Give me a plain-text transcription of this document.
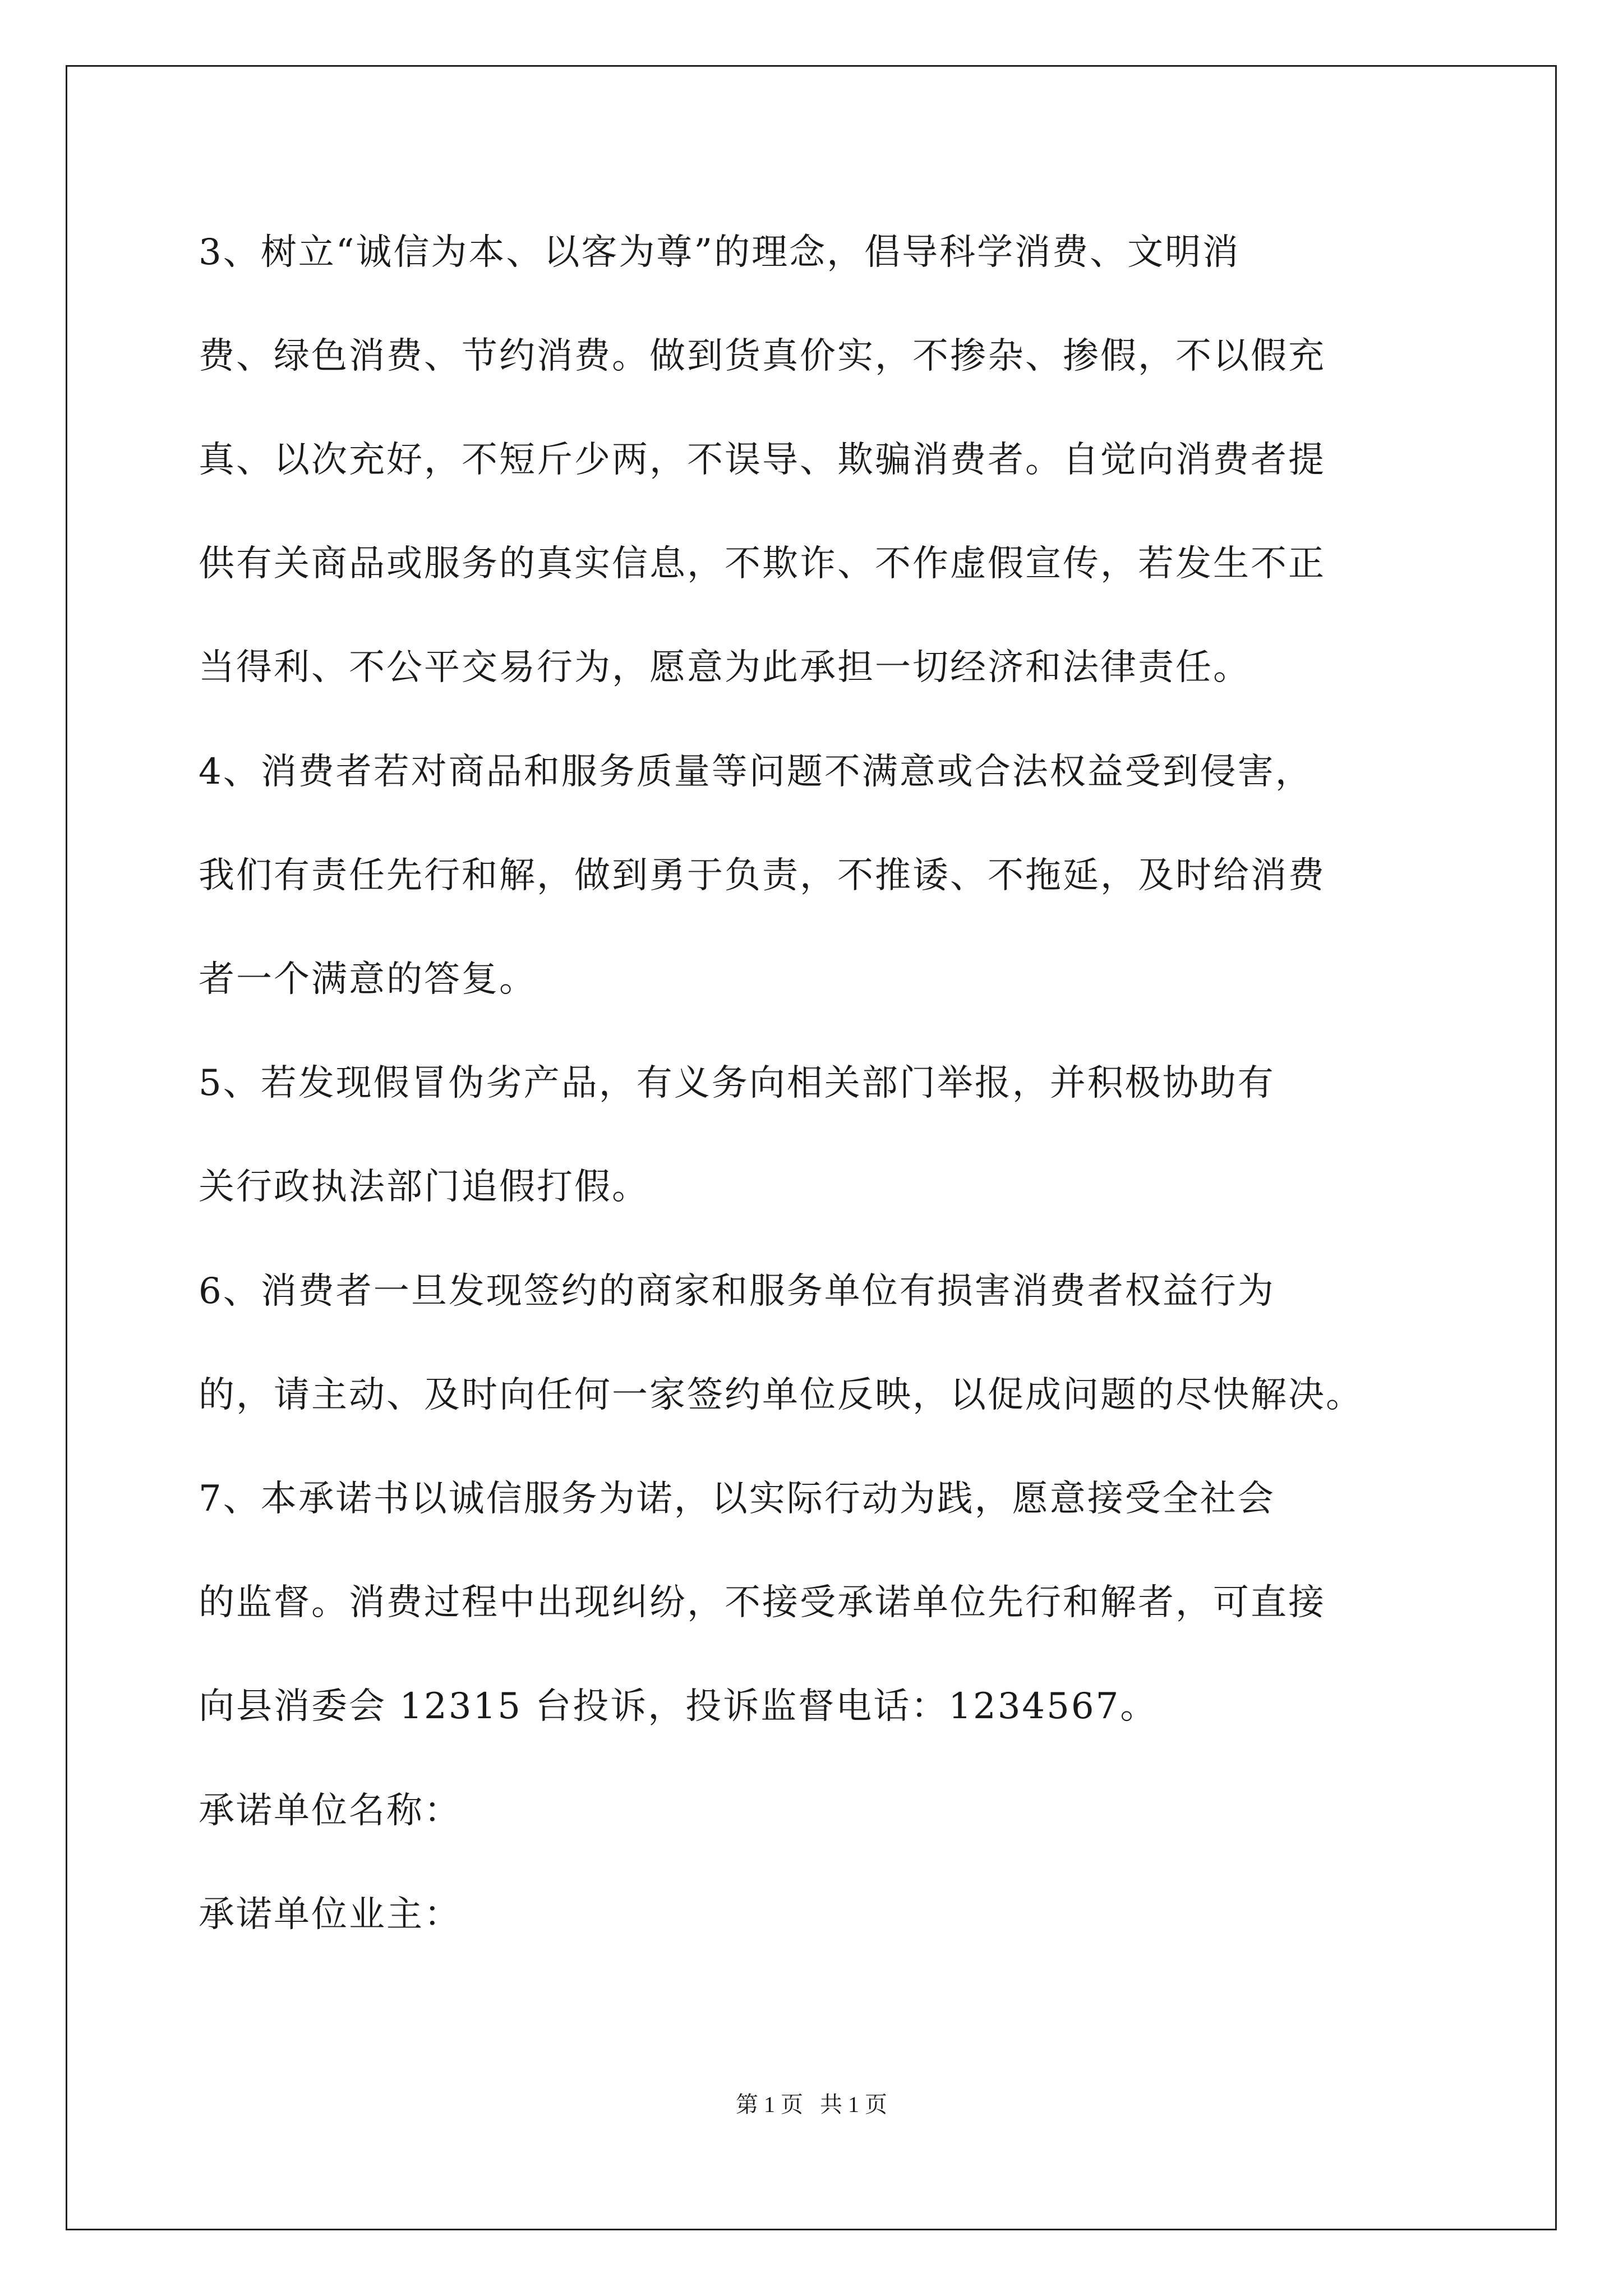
3、树立“诚信为本、以客为尊”的理念，倡导科学消费、文明消
费、绿色消费、节约消费。做到货真价实，不掺杂、掺假，不以假充
真、以次充好，不短斤少两，不误导、欺骗消费者。自觉向消费者提
供有关商品或服务的真实信息，不欺诈、不作虚假宣传，若发生不正
当得利、不公平交易行为，愿意为此承担一切经济和法律责任。
4、消费者若对商品和服务质量等问题不满意或合法权益受到侵害，
我们有责任先行和解，做到勇于负责，不推诿、不拖延，及时给消费
者一个满意的答复。
5、若发现假冒伪劣产品，有义务向相关部门举报，并积极协助有
关行政执法部门追假打假。
6、消费者一旦发现签约的商家和服务单位有损害消费者权益行为
的，请主动、及时向任何一家签约单位反映，以促成问题的尽快解决。
7、本承诺书以诚信服务为诺，以实际行动为践，愿意接受全社会
的监督。消费过程中出现纠纷，不接受承诺单位先行和解者，可直接
向县消委会 12315 台投诉，投诉监督电话：1234567。
承诺单位名称：
承诺单位业主：
第 1 页   共 1 页
